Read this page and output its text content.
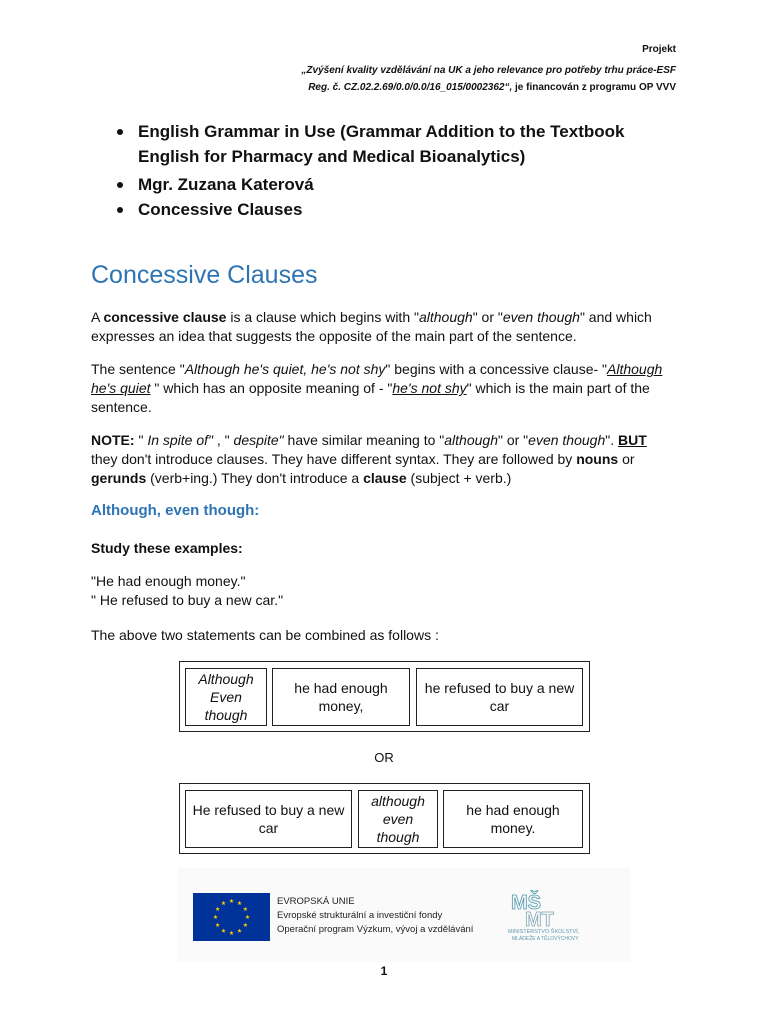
Projekt
„Zvýšení kvality vzdělávání na UK a jeho relevance pro potřeby trhu práce-ESF
Reg. č. CZ.02.2.69/0.0/0.0/16_015/0002362“, je financován z programu OP VVV
English Grammar in Use (Grammar Addition to the Textbook English for Pharmacy and Medical Bioanalytics)
Mgr. Zuzana Katerová
Concessive Clauses
Concessive Clauses

A concessive clause is a clause which begins with "although" or "even though" and which expresses an idea that suggests the opposite of the main part of the sentence.

The sentence "Although he's quiet, he's not shy" begins with a concessive clause- "Although he's quiet " which has an opposite meaning of - "he's not shy" which is the main part of the sentence.

NOTE: " In spite of" , " despite" have similar meaning to "although" or "even though". BUT they don't introduce clauses. They have different syntax. They are followed by nouns or gerunds (verb+ing.) They don't introduce a clause (subject + verb.)

Although, even though:

Study these examples:

"He had enough money."

" He refused to buy a new car."

The above two statements can be combined as follows :

Although
Even
though
he had enough money,
he refused to buy a new car
OR
He refused to buy a new car
although
even
though
he had enough money.
EVROPSKÁ UNIE
Evropské strukturální a investiční fondy
Operační program Výzkum, vývoj a vzdělávání
MŠ
MT
MINISTERSTVO ŠKOLSTVÍ,
MLÁDEŽE A TĚLOVÝCHOVY
1
